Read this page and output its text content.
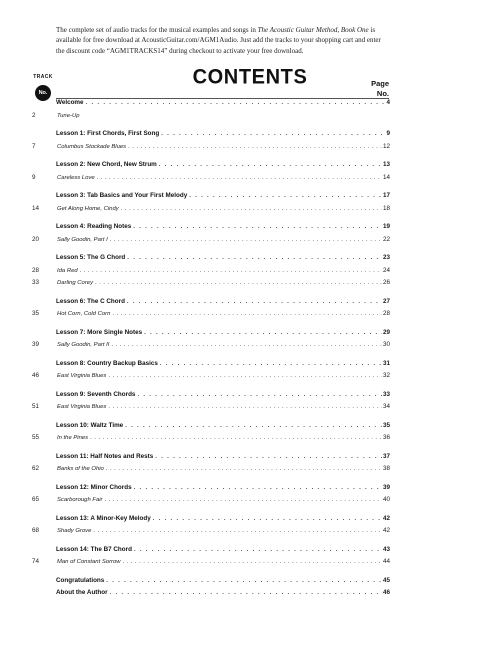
The complete set of audio tracks for the musical examples and songs in The Acoustic Guitar Method, Book One is available for free download at AcousticGuitar.com/AGM1Audio. Just add the tracks to your shopping cart and enter the discount code “AGM1TRACKS14” during checkout to activate your free download.
TRACK
No.
CONTENTS	Page
No.
Welcome . . .	4
2	Tune-Up
Lesson 1: First Chords, First Song . . .	9
7	Columbus Stockade Blues . . .	12
Lesson 2: New Chord, New Strum . . .	13
9	Careless Love . . .	14
Lesson 3: Tab Basics and Your First Melody . . .	17
14	Get Along Home, Cindy . . .	18
Lesson 4: Reading Notes . . .	19
20	Sally Goodin, Part I . . .	22
Lesson 5: The G Chord . . .	23
28	Ida Red . . .	24
33	Darling Corey . . .	26
Lesson 6: The C Chord . . .	27
35	Hot Corn, Cold Corn . . .	28
Lesson 7: More Single Notes . . .	29
39	Sally Goodin, Part II . . .	30
Lesson 8: Country Backup Basics . . .	31
46	East Virginia Blues . . .	32
Lesson 9: Seventh Chords . . .	33
51	East Virginia Blues . . .	34
Lesson 10: Waltz Time . . .	35
55	In the Pines . . .	36
Lesson 11: Half Notes and Rests . . .	37
62	Banks of the Ohio . . .	38
Lesson 12: Minor Chords . . .	39
65	Scarborough Fair . . .	40
Lesson 13: A Minor-Key Melody . . .	42
68	Shady Grove . . .	42
Lesson 14: The B7 Chord . . .	43
74	Man of Constant Sorrow . . .	44
Congratulations . . .	45
About the Author . . .	46
